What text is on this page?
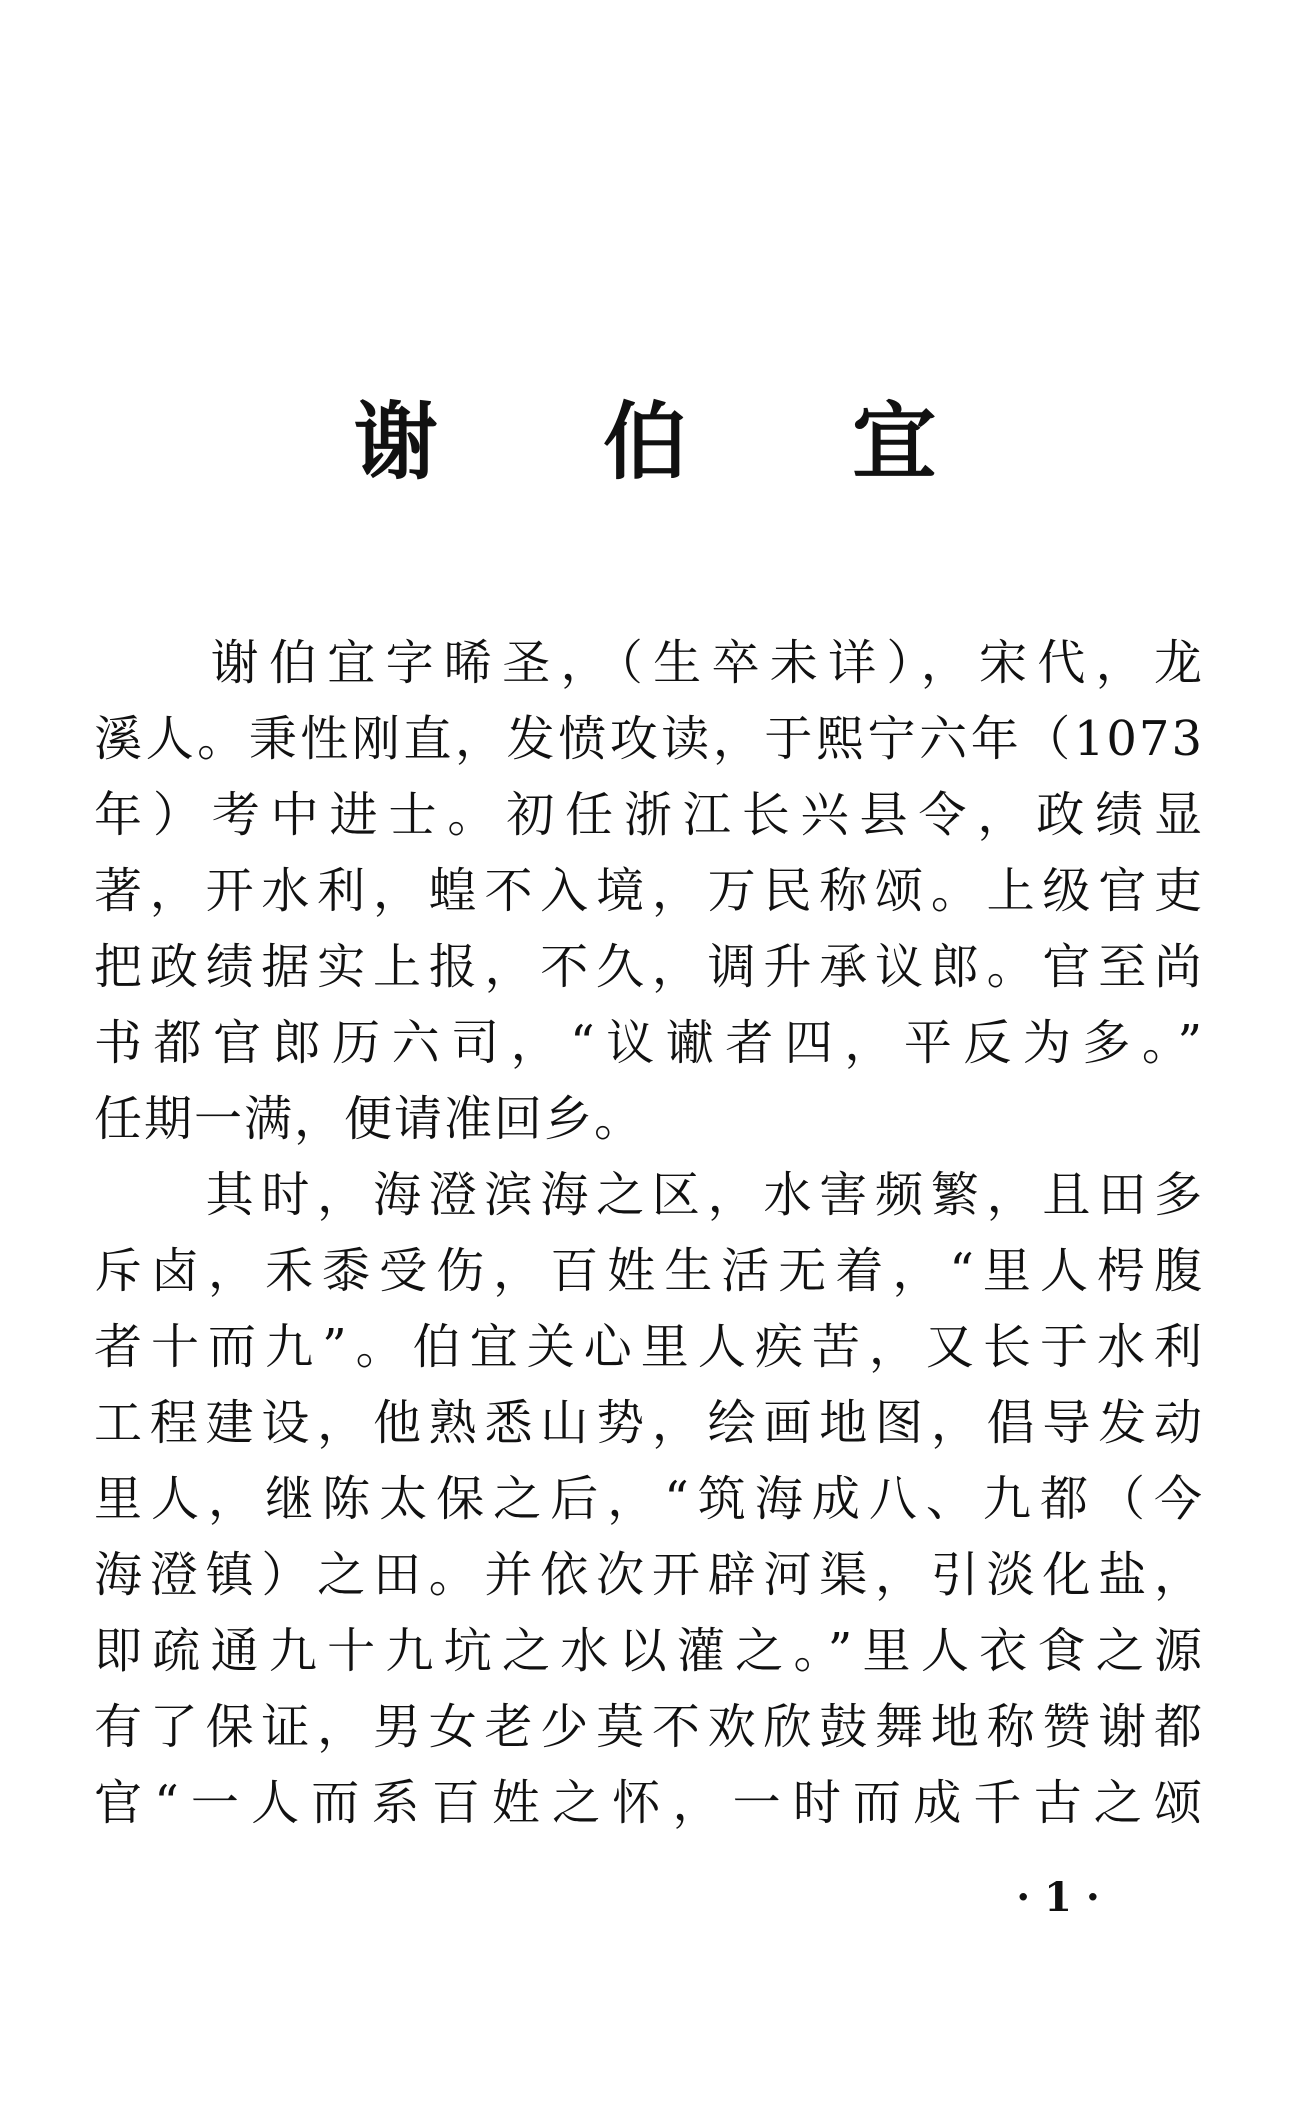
谢 伯 宜
　　谢伯宜字晞圣，（生卒未详），宋代，龙
溪人。秉性刚直，发愤攻读，于熙宁六年（1073
年）考中进士。初任浙江长兴县令，政绩显
著，开水利，蝗不入境，万民称颂。上级官吏
把政绩据实上报，不久，调升承议郎。官至尚
书都官郎历六司，“议谳者四，平反为多。”
任期一满，便请准回乡。
　　其时，海澄滨海之区，水害频繁，且田多
斥卤，禾黍受伤，百姓生活无着，“里人枵腹
者十而九”。伯宜关心里人疾苦，又长于水利
工程建设，他熟悉山势，绘画地图，倡导发动
里人，继陈太保之后，“筑海成八、九都（今
海澄镇）之田。并依次开辟河渠，引淡化盐，
即疏通九十九坑之水以灌之。”里人衣食之源
有了保证，男女老少莫不欢欣鼓舞地称赞谢都
官“一人而系百姓之怀，一时而成千古之颂
· 1 ·
